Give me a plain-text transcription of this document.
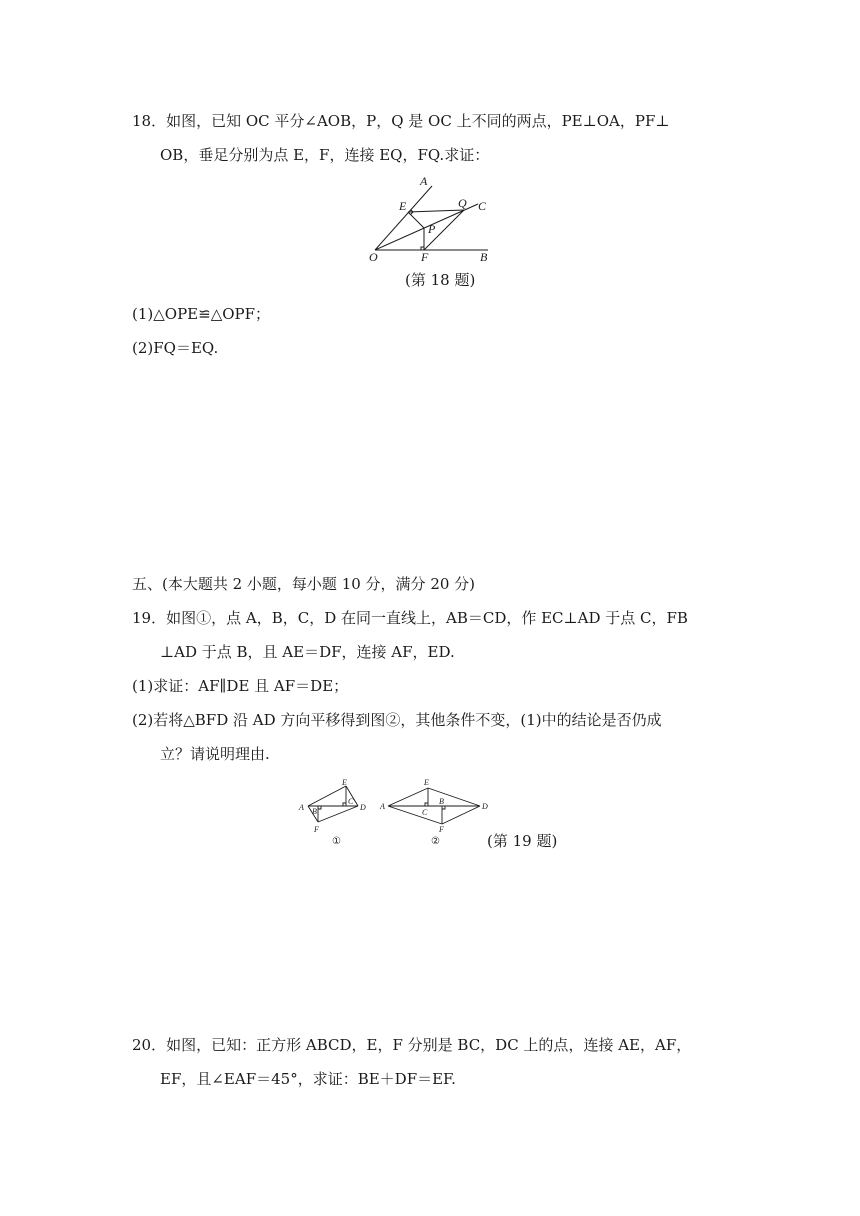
18．如图，已知 OC 平分∠AOB，P，Q 是 OC 上不同的两点，PE⊥OA，PF⊥
OB，垂足分别为点 E，F，连接 EQ，FQ.求证：
A
E	Q C
P
O	F	B
(第 18 题)
(1)△OPE≌△OPF；
(2)FQ＝EQ.
五、(本大题共 2 小题，每小题 10 分，满分 20 分)
19．如图①，点 A，B，C，D 在同一直线上，AB＝CD，作 EC⊥AD 于点 C，FB
⊥AD 于点 B，且 AE＝DF，连接 AF，ED.
(1)求证：AF∥DE 且 AF＝DE；
(2)若将△BFD 沿 AD 方向平移得到图②，其他条件不变，(1)中的结论是否仍成
立？请说明理由.
A
E
B
C
D
F
①
A
E
B
C
D
F
②	(第 19 题)
20．如图，已知：正方形 ABCD，E，F 分别是 BC，DC 上的点，连接 AE，AF，
EF，且∠EAF＝45°，求证：BE＋DF＝EF.
